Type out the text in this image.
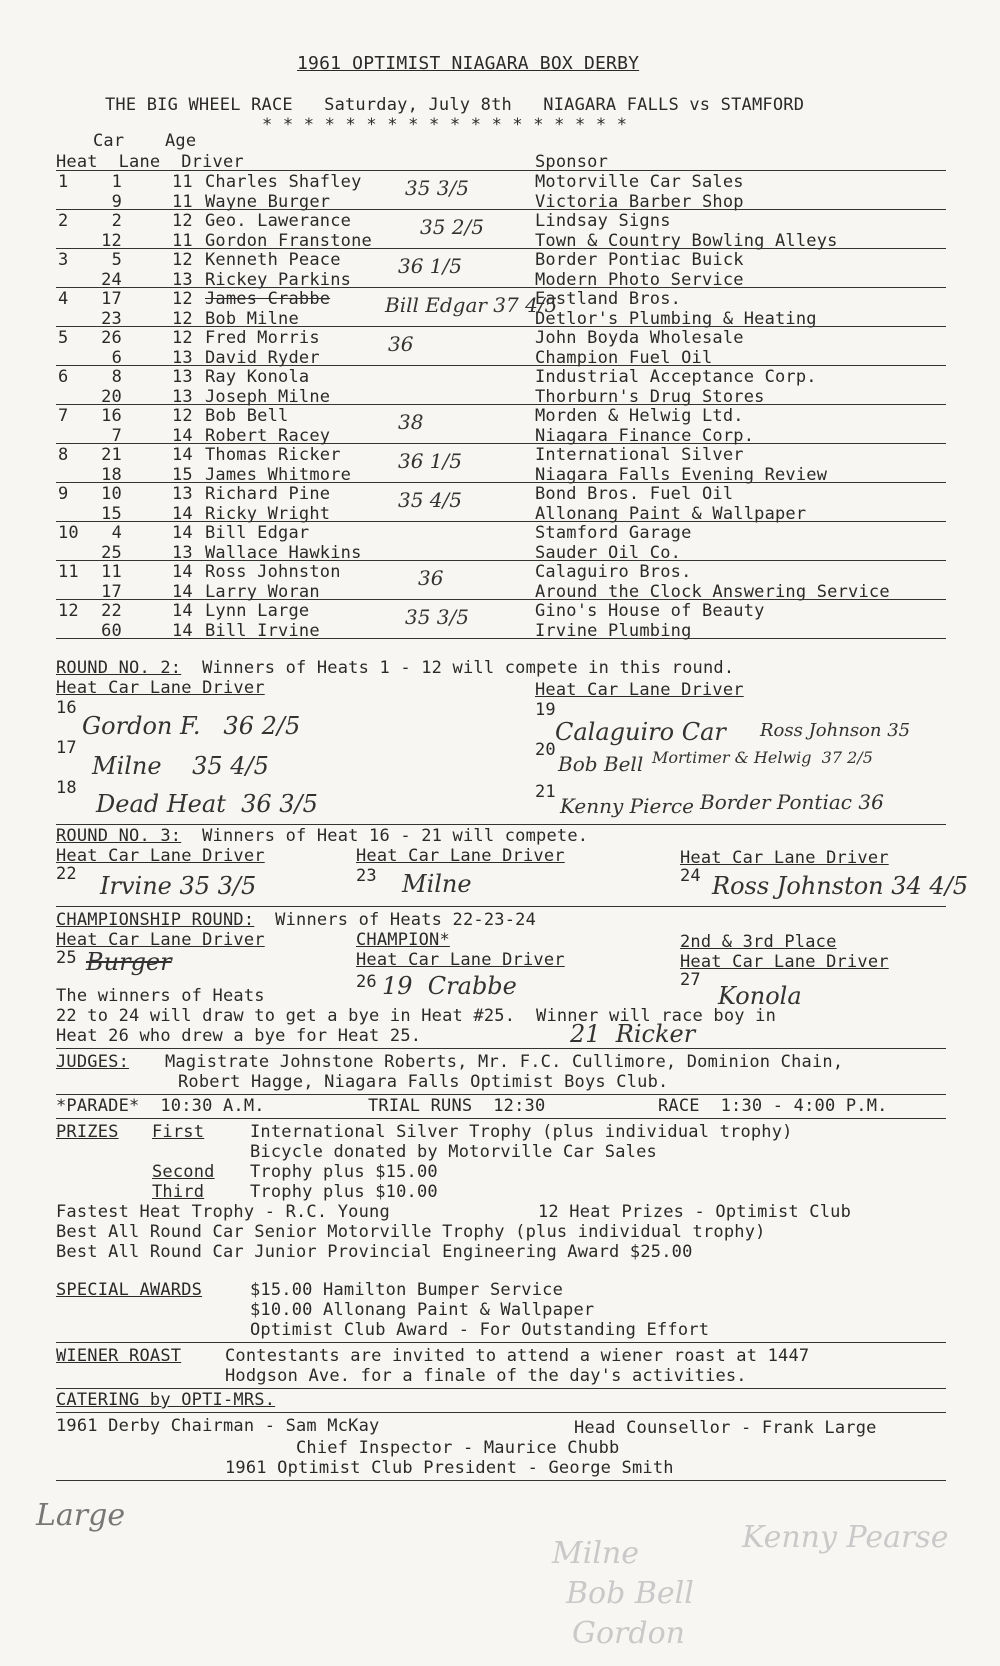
1961 OPTIMIST NIAGARA BOX DERBY
THE BIG WHEEL RACE   Saturday, July 8th   NIAGARA FALLS vs STAMFORD
* * * * * * * * * * * * * * * * * *
Car Age
Heat  Lane  Driver	Sponsor
1	1	11 Charles Shafley	Motorville Car Sales
9	11 Wayne Burger	Victoria Barber Shop
35 3/5
2	2	12 Geo. Lawerance	Lindsay Signs
12	11 Gordon Franstone	Town & Country Bowling Alleys
35 2/5
3	5	12 Kenneth Peace	Border Pontiac Buick
24	13 Rickey Parkins	Modern Photo Service
36 1/5
4	17	12 James Crabbe	Eastland Bros.
23	12 Bob Milne	Detlor's Plumbing & Heating
Bill Edgar 37 4/5
5	26	12 Fred Morris	John Boyda Wholesale
6	13 David Ryder	Champion Fuel Oil
36
6	8	13 Ray Konola	Industrial Acceptance Corp.
20	13 Joseph Milne	Thorburn's Drug Stores
7	16	12 Bob Bell	Morden & Helwig Ltd.
7	14 Robert Racey	Niagara Finance Corp.
38
8	21	14 Thomas Ricker	International Silver
18	15 James Whitmore	Niagara Falls Evening Review
36 1/5
9	10	13 Richard Pine	Bond Bros. Fuel Oil
15	14 Ricky Wright	Allonang Paint & Wallpaper
35 4/5
10	4	14 Bill Edgar	Stamford Garage
25	13 Wallace Hawkins	Sauder Oil Co.
11	11	14 Ross Johnston	Calaguiro Bros.
17	14 Larry Woran	Around the Clock Answering Service
36
12	22	14 Lynn Large	Gino's House of Beauty
60	14 Bill Irvine	Irvine Plumbing
35 3/5
ROUND NO. 2: Winners of Heats 1 - 12 will compete in this round.
Heat Car Lane Driver	Heat Car Lane Driver
16
Gordon F.   36 2/5
17
Milne    35 4/5
18
Dead Heat  36 3/5
19
Calaguiro Car Ross Johnson 35
20
Bob Bell Mortimer & Helwig  37 2/5
21
Kenny Pierce Border Pontiac 36
ROUND NO. 3: Winners of Heat 16 - 21 will compete.
Heat Car Lane Driver	Heat Car Lane Driver	Heat Car Lane Driver
22 Irvine 35 3/5	23 Milne	24 Ross Johnston 34 4/5
CHAMPIONSHIP ROUND: Winners of Heats 22-23-24
Heat Car Lane Driver	CHAMPION*	2nd & 3rd Place
Heat Car Lane Driver	Heat Car Lane Driver
25 Burger
26 19  Crabbe	27
Konola
The winners of Heats
22 to 24 will draw to get a bye in Heat #25.  Winner will race boy in
Heat 26 who drew a bye for Heat 25.	21  Ricker
JUDGES: Magistrate Johnstone Roberts, Mr. F.C. Cullimore, Dominion Chain,
Robert Hagge, Niagara Falls Optimist Boys Club.
*PARADE*  10:30 A.M.	TRIAL RUNS  12:30	RACE  1:30 - 4:00 P.M.
PRIZES First	International Silver Trophy (plus individual trophy)
Bicycle donated by Motorville Car Sales
Second Trophy plus $15.00
Third	Trophy plus $10.00
Fastest Heat Trophy - R.C. Young	12 Heat Prizes - Optimist Club
Best All Round Car Senior Motorville Trophy (plus individual trophy)
Best All Round Car Junior Provincial Engineering Award $25.00
SPECIAL AWARDS	$15.00 Hamilton Bumper Service
$10.00 Allonang Paint & Wallpaper
Optimist Club Award - For Outstanding Effort
WIENER ROAST	Contestants are invited to attend a wiener roast at 1447
Hodgson Ave. for a finale of the day's activities.
CATERING by OPTI-MRS.
1961 Derby Chairman - Sam McKay	Head Counsellor - Frank Large
Chief Inspector - Maurice Chubb
1961 Optimist Club President - George Smith
Large
Milne	Kenny Pearse
Bob Bell
Gordon
